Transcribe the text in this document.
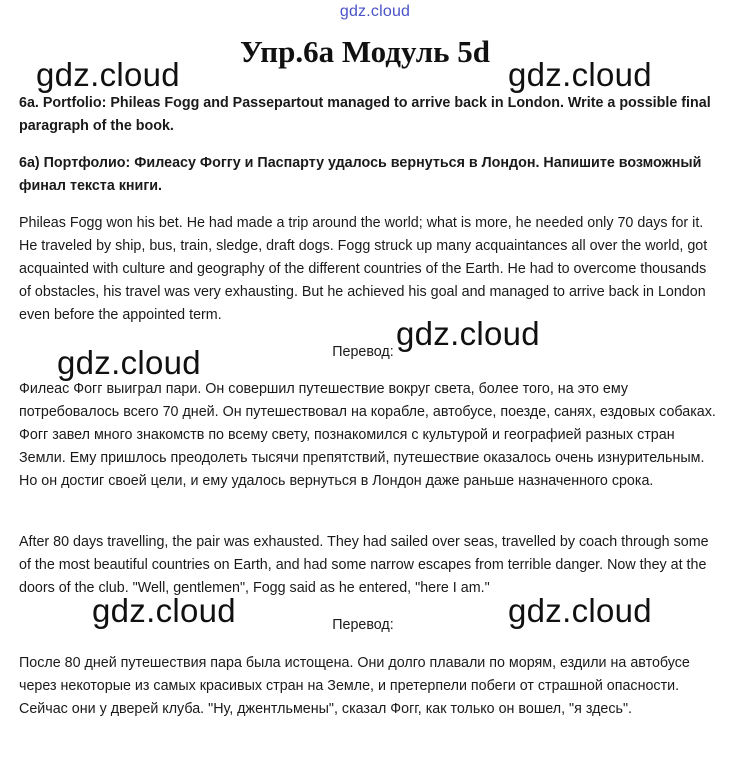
gdz.cloud
Упр.6a Модуль 5d
6a. Portfolio: Phileas Fogg and Passepartout managed to arrive back in London. Write a possible final paragraph of the book.
6а) Портфолио: Филеасу Фоггу и Паспарту удалось вернуться в Лондон. Напишите возможный финал текста книги.
Phileas Fogg won his bet. He had made a trip around the world; what is more, he needed only 70 days for it. He traveled by ship, bus, train, sledge, draft dogs. Fogg struck up many acquaintances all over the world, got acquainted with culture and geography of the different countries of the Earth. He had to overcome thousands of obstacles, his travel was very exhausting. But he achieved his goal and managed to arrive back in London even before the appointed term.
Перевод:
Филеас Фогг выиграл пари. Он совершил путешествие вокруг света, более того, на это ему потребовалось всего 70 дней. Он путешествовал на корабле, автобусе, поезде, санях, ездовых собаках. Фогг завел много знакомств по всему свету, познакомился с культурой и географией разных стран Земли. Ему пришлось преодолеть тысячи препятствий, путешествие оказалось очень изнурительным. Но он достиг своей цели, и ему удалось вернуться в Лондон даже раньше назначенного срока.
After 80 days travelling, the pair was exhausted. They had sailed over seas, travelled by coach through some of the most beautiful countries on Earth, and had some narrow escapes from terrible danger. Now they at the doors of the club. "Well, gentlemen", Fogg said as he entered, "here I am."
Перевод:
После 80 дней путешествия пара была истощена. Они долго плавали по морям, ездили на автобусе через некоторые из самых красивых стран на Земле, и претерпели побеги от страшной опасности. Сейчас они у дверей клуба. "Ну, джентльмены", сказал Фогг, как только он вошел, "я здесь".
gdz.cloud	gdz.cloud
gdz.cloud
gdz.cloud
gdz.cloud	gdz.cloud
